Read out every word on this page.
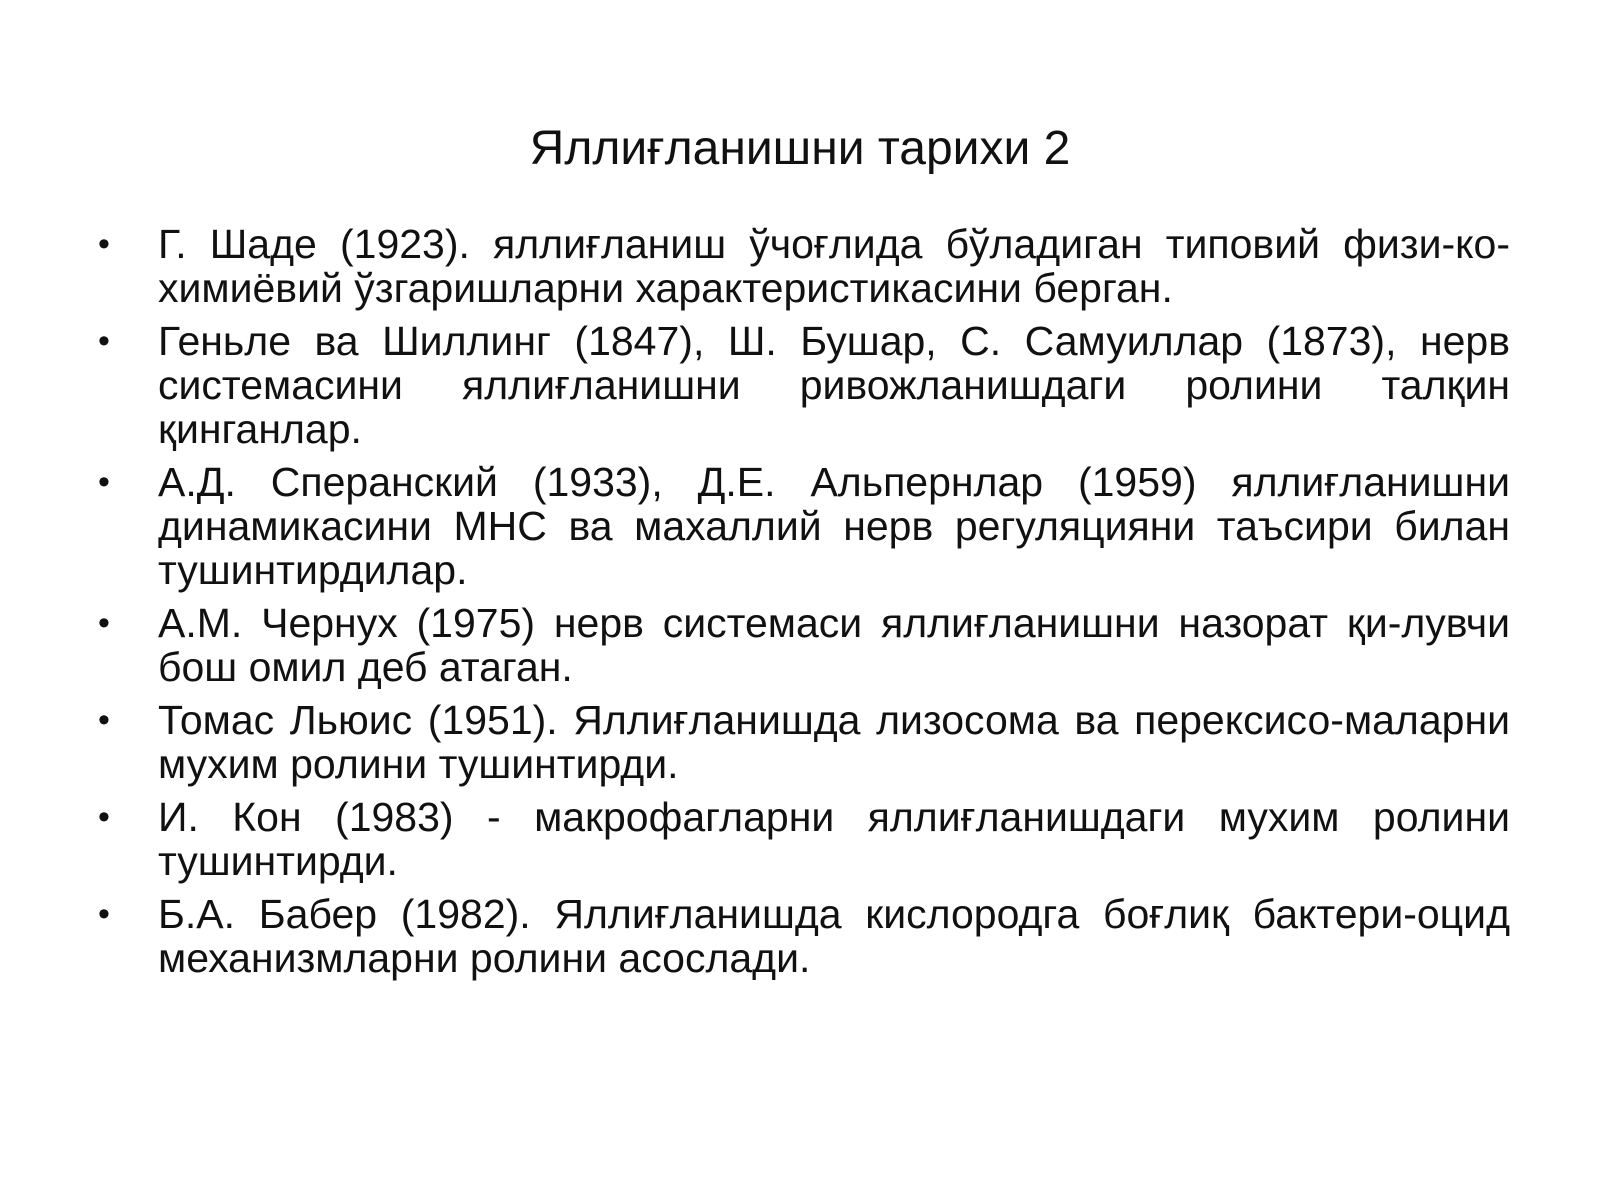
Яллиғланишни тарихи 2
• Г. Шаде (1923). яллиғланиш ўчоғлида бўладиган типовий физи-ко-химиёвий ўзгаришларни характеристикасини берган.
• Геньле ва Шиллинг (1847), Ш. Бушар, С. Самуиллар (1873), нерв системасини яллиғланишни ривожланишдаги ролини талқин қинганлар.
• А.Д. Сперанский (1933), Д.Е. Альпернлар (1959) яллиғланишни динамикасини МНС ва махаллий нерв регуляцияни таъсири билан тушинтирдилар.
• А.М. Чернух (1975) нерв системаси яллиғланишни назорат қи-лувчи бош омил деб атаган.
• Томас Льюис (1951). Яллиғланишда лизосома ва перексисо-маларни мухим ролини тушинтирди.
• И. Кон (1983) - макрофагларни яллиғланишдаги мухим ролини тушинтирди.
• Б.А. Бабер (1982). Яллиғланишда кислородга боғлиқ бактери-оцид механизмларни ролини асослади.
